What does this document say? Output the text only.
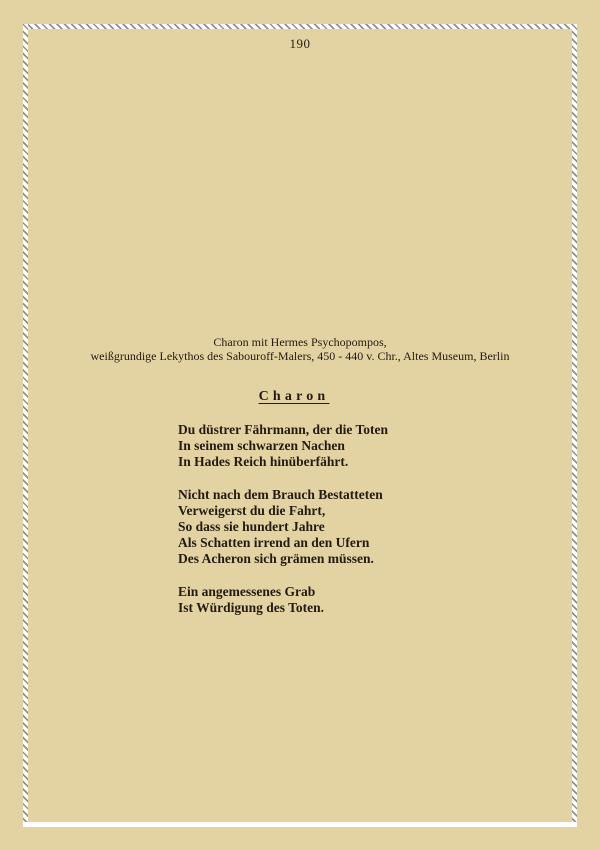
190
Charon mit Hermes Psychopompos,
weißgrundige Lekythos des Sabouroff-Malers, 450 - 440 v. Chr., Altes Museum, Berlin
Charon
Du düstrer Fährmann, der die Toten
In seinem schwarzen Nachen
In Hades Reich hinüberfährt.
Nicht nach dem Brauch Bestatteten
Verweigerst du die Fahrt,
So dass sie hundert Jahre
Als Schatten irrend an den Ufern
Des Acheron sich grämen müssen.
Ein angemessenes Grab
Ist Würdigung des Toten.
